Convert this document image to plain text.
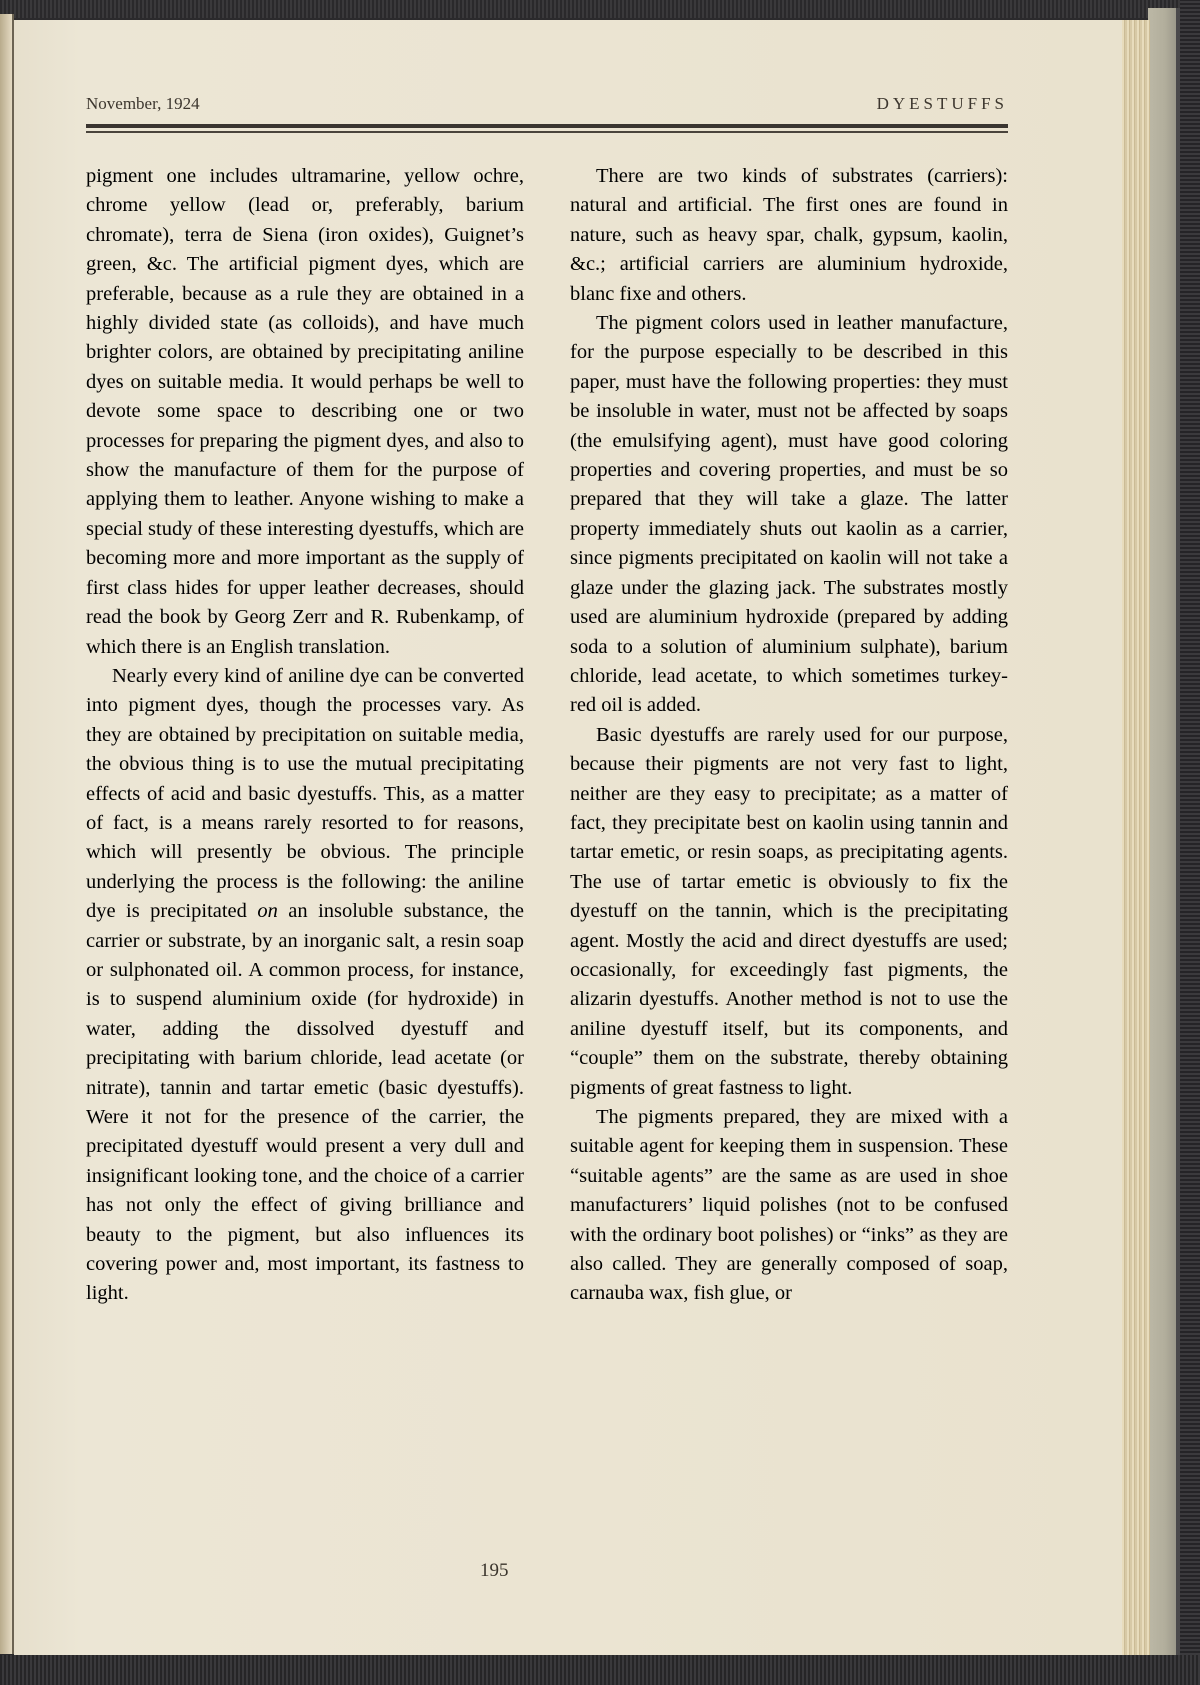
November, 1924	DYESTUFFS

pigment one includes ultramarine, yellow ochre, chrome yellow (lead or, preferably, barium chromate), terra de Siena (iron oxides), Guignet’s green, &c. The artificial pigment dyes, which are preferable, because as a rule they are obtained in a highly divided state (as colloids), and have much brighter colors, are obtained by precipitating aniline dyes on suitable media. It would perhaps be well to devote some space to describing one or two processes for preparing the pigment dyes, and also to show the manufacture of them for the purpose of applying them to leather. Anyone wishing to make a special study of these interesting dyestuffs, which are becoming more and more important as the supply of first class hides for upper leather decreases, should read the book by Georg Zerr and R. Rubenkamp, of which there is an English translation.

Nearly every kind of aniline dye can be converted into pigment dyes, though the processes vary. As they are obtained by precipitation on suitable media, the obvious thing is to use the mutual precipitating effects of acid and basic dyestuffs. This, as a matter of fact, is a means rarely resorted to for reasons, which will presently be obvious. The principle underlying the process is the following: the aniline dye is precipitated on an insoluble substance, the carrier or substrate, by an inorganic salt, a resin soap or sulphonated oil. A common process, for instance, is to suspend aluminium oxide (for hydroxide) in water, adding the dissolved dyestuff and precipitating with barium chloride, lead acetate (or nitrate), tannin and tartar emetic (basic dyestuffs). Were it not for the presence of the carrier, the precipitated dyestuff would present a very dull and insignificant looking tone, and the choice of a carrier has not only the effect of giving brilliance and beauty to the pigment, but also influences its covering power and, most important, its fastness to light.

There are two kinds of substrates (carriers): natural and artificial. The first ones are found in nature, such as heavy spar, chalk, gypsum, kaolin, &c.; artificial carriers are aluminium hydroxide, blanc fixe and others.

The pigment colors used in leather manufacture, for the purpose especially to be described in this paper, must have the following properties: they must be insoluble in water, must not be affected by soaps (the emulsifying agent), must have good coloring properties and covering properties, and must be so prepared that they will take a glaze. The latter property immediately shuts out kaolin as a carrier, since pigments precipitated on kaolin will not take a glaze under the glazing jack. The substrates mostly used are aluminium hydroxide (prepared by adding soda to a solution of aluminium sulphate), barium chloride, lead acetate, to which sometimes turkey-red oil is added.

Basic dyestuffs are rarely used for our purpose, because their pigments are not very fast to light, neither are they easy to precipitate; as a matter of fact, they precipitate best on kaolin using tannin and tartar emetic, or resin soaps, as precipitating agents. The use of tartar emetic is obviously to fix the dyestuff on the tannin, which is the precipitating agent. Mostly the acid and direct dyestuffs are used; occasionally, for exceedingly fast pigments, the alizarin dyestuffs. Another method is not to use the aniline dyestuff itself, but its components, and “couple” them on the substrate, thereby obtaining pigments of great fastness to light.

The pigments prepared, they are mixed with a suitable agent for keeping them in suspension. These “suitable agents” are the same as are used in shoe manufacturers’ liquid polishes (not to be confused with the ordinary boot polishes) or “inks” as they are also called. They are generally composed of soap, carnauba wax, fish glue, or

195
